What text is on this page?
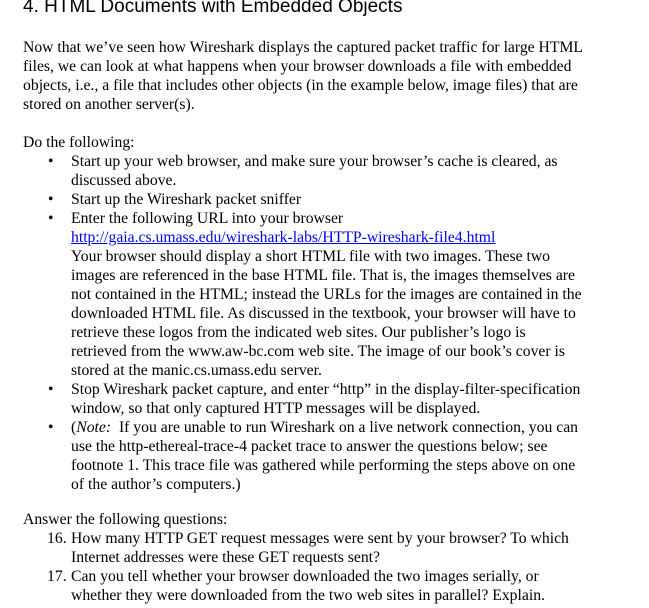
4. HTML Documents with Embedded Objects
Now that we’ve seen how Wireshark displays the captured packet traffic for large HTML
files, we can look at what happens when your browser downloads a file with embedded
objects, i.e., a file that includes other objects (in the example below, image files) that are
stored on another server(s).
Do the following:
• Start up your web browser, and make sure your browser’s cache is cleared, as
discussed above.
• Start up the Wireshark packet sniffer
• Enter the following URL into your browser
http://gaia.cs.umass.edu/wireshark-labs/HTTP-wireshark-file4.html
Your browser should display a short HTML file with two images. These two
images are referenced in the base HTML file. That is, the images themselves are
not contained in the HTML; instead the URLs for the images are contained in the
downloaded HTML file. As discussed in the textbook, your browser will have to
retrieve these logos from the indicated web sites. Our publisher’s logo is
retrieved from the www.aw-bc.com web site. The image of our book’s cover is
stored at the manic.cs.umass.edu server.
• Stop Wireshark packet capture, and enter “http” in the display-filter-specification
window, so that only captured HTTP messages will be displayed.
• (Note:  If you are unable to run Wireshark on a live network connection, you can
use the http-ethereal-trace-4 packet trace to answer the questions below; see
footnote 1. This trace file was gathered while performing the steps above on one
of the author’s computers.)
Answer the following questions:
16. How many HTTP GET request messages were sent by your browser? To which
Internet addresses were these GET requests sent?
17. Can you tell whether your browser downloaded the two images serially, or
whether they were downloaded from the two web sites in parallel? Explain.
